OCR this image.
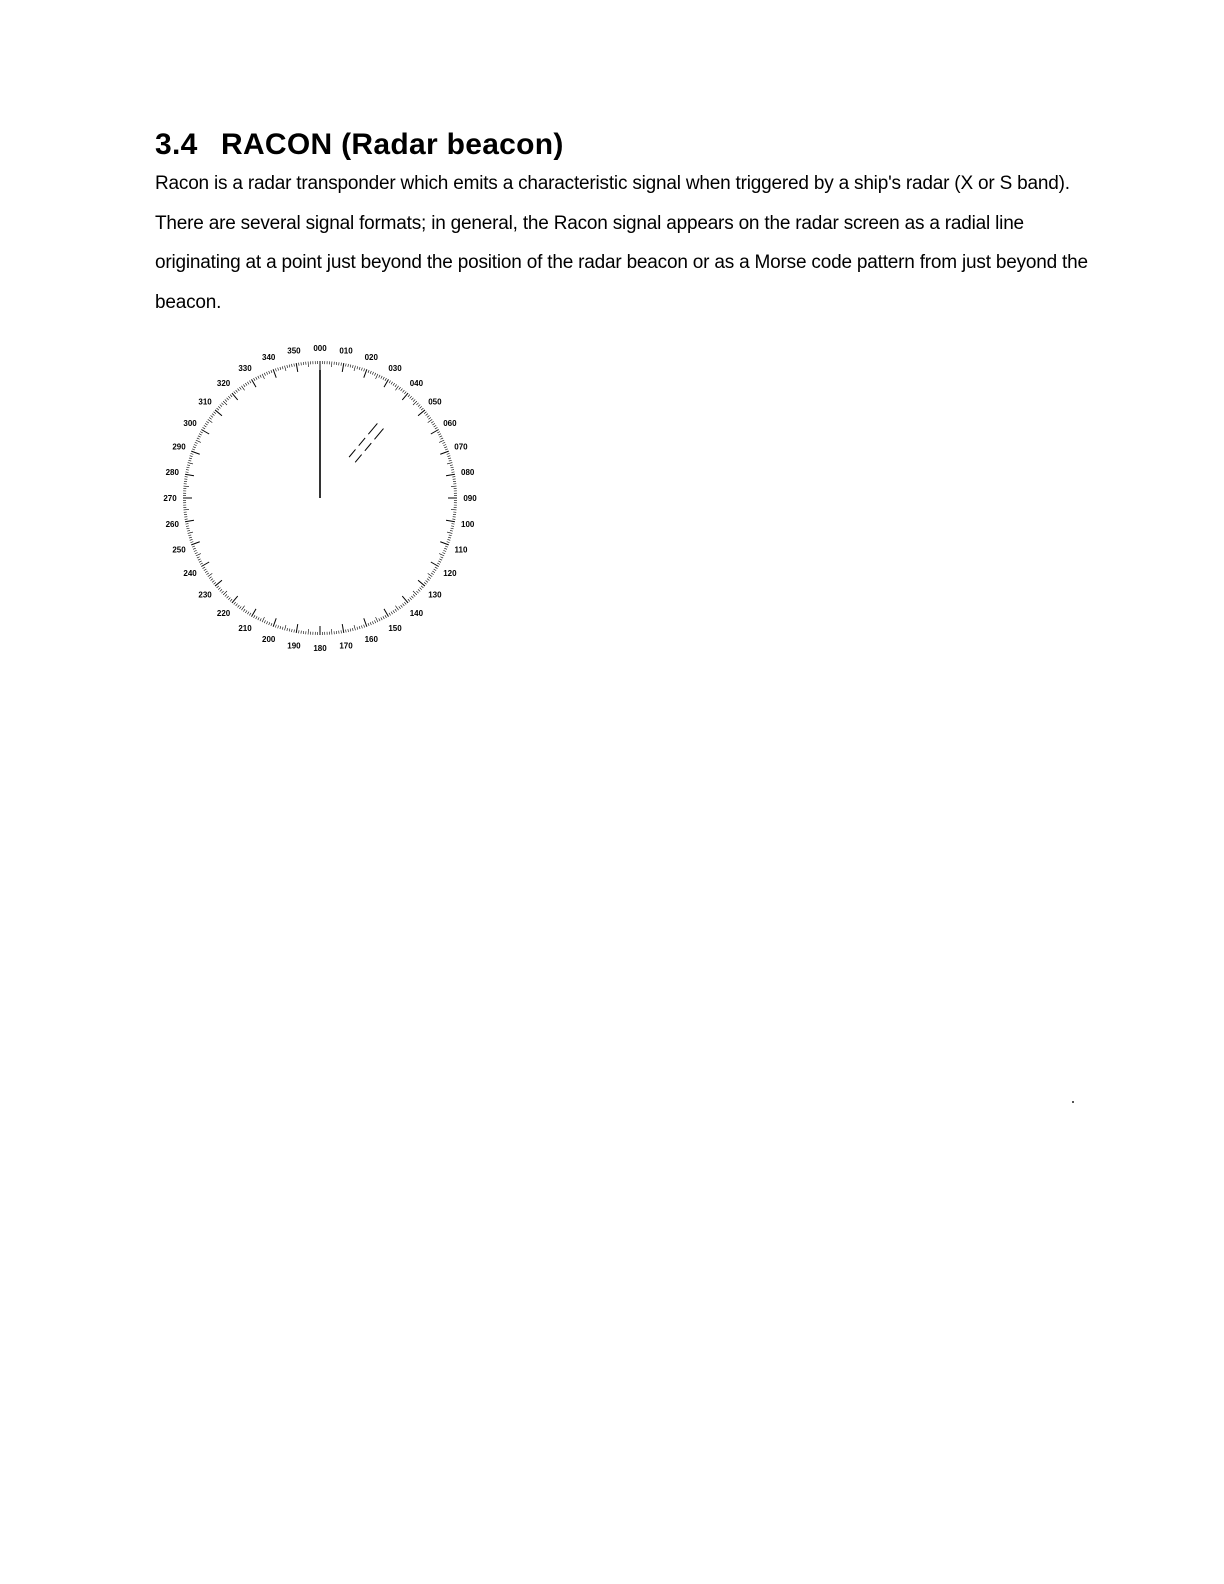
3.4 RACON (Radar beacon)

Racon is a radar transponder which emits a characteristic signal when triggered by a ship's radar (X or S band). There are several signal formats; in general, the Racon signal appears on the radar screen as a radial line originating at a point just beyond the position of the radar beacon or as a Morse code pattern from just beyond the beacon.

000 010
020
030
040
050
060
070
080
090
100
110
120
130
140
150
160
170
180
190
200
210
220
230
240
250
260
270
280
290
300
310
320
330
340
350
